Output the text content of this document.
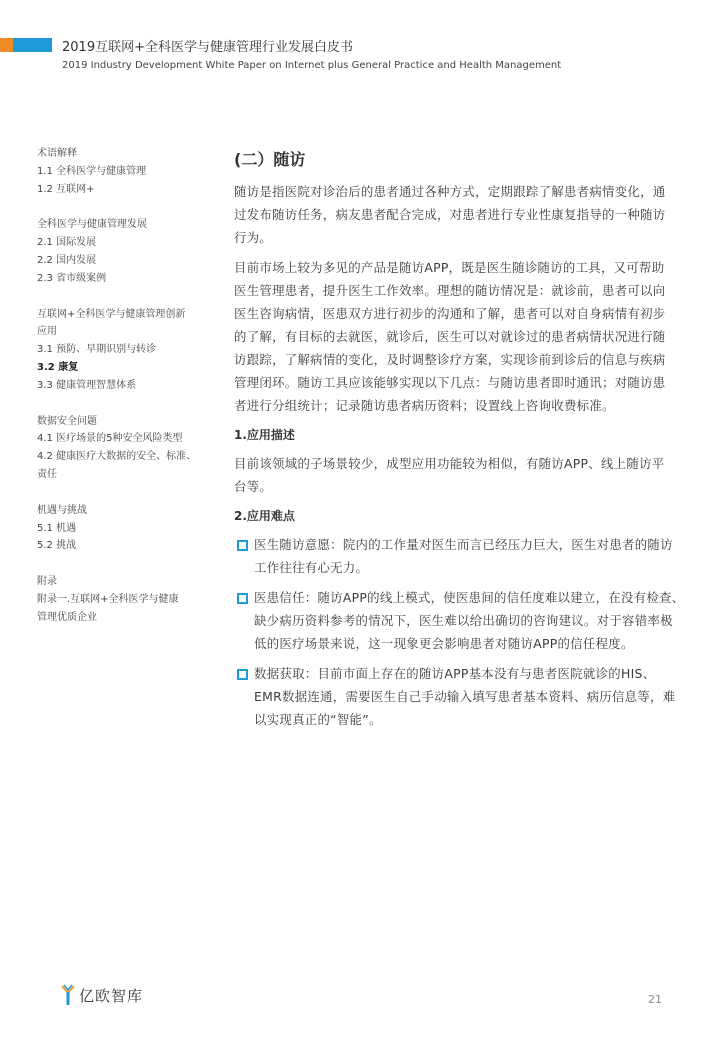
2019互联网+全科医学与健康管理行业发展白皮书
2019 Industry Development White Paper on Internet plus General Practice and Health Management
术语解释
1.1 全科医学与健康管理
1.2 互联网+
全科医学与健康管理发展
2.1 国际发展
2.2 国内发展
2.3 省市级案例
互联网+全科医学与健康管理创新
应用
3.1 预防、早期识别与转诊
3.2 康复
3.3 健康管理智慧体系
数据安全问题
4.1 医疗场景的5种安全风险类型
4.2 健康医疗大数据的安全、标准、
责任
机遇与挑战
5.1 机遇
5.2 挑战
附录
附录一.互联网+全科医学与健康
管理优质企业
(二）随访
随访是指医院对诊治后的患者通过各种方式，定期跟踪了解患者病情变化，通
过发布随访任务，病友患者配合完成，对患者进行专业性康复指导的一种随访
行为。
目前市场上较为多见的产品是随访APP，既是医生随诊随访的工具，又可帮助
医生管理患者，提升医生工作效率。理想的随访情况是：就诊前，患者可以向
医生咨询病情，医患双方进行初步的沟通和了解，患者可以对自身病情有初步
的了解，有目标的去就医，就诊后，医生可以对就诊过的患者病情状况进行随
访跟踪，了解病情的变化，及时调整诊疗方案，实现诊前到诊后的信息与疾病
管理闭环。随访工具应该能够实现以下几点：与随访患者即时通讯；对随访患
者进行分组统计；记录随访患者病历资料；设置线上咨询收费标准。
1.应用描述
目前该领域的子场景较少，成型应用功能较为相似，有随访APP、线上随访平
台等。
2.应用难点
医生随访意愿：院内的工作量对医生而言已经压力巨大，医生对患者的随访
工作往往有心无力。
医患信任：随访APP的线上模式，使医患间的信任度难以建立，在没有检查、
缺少病历资料参考的情况下，医生难以给出确切的咨询建议。对于容错率极
低的医疗场景来说，这一现象更会影响患者对随访APP的信任程度。
数据获取：目前市面上存在的随访APP基本没有与患者医院就诊的HIS、
EMR数据连通，需要医生自己手动输入填写患者基本资料、病历信息等，难
以实现真正的“智能”。
亿欧智库	21
